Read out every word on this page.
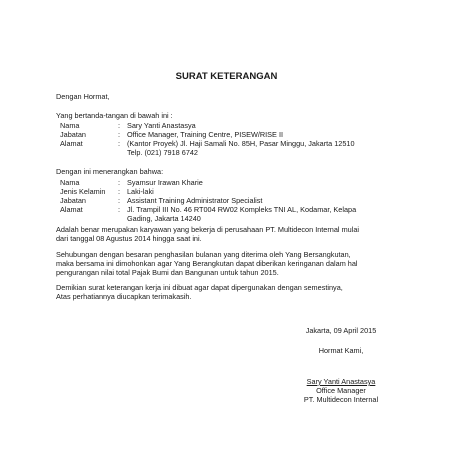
SURAT KETERANGAN
Dengan Hormat,
Yang bertanda-tangan di bawah ini :
Nama	: Sary Yanti Anastasya
Jabatan	: Office Manager, Training Centre, PISEW/RISE II
Alamat	: (Kantor Proyek) Jl. Haji Samali No. 85H, Pasar Minggu, Jakarta 12510
Telp. (021) 7918 6742
Dengan ini menerangkan bahwa:
Nama	: Syamsur Irawan Kharie
Jenis Kelamin	: Laki-laki
Jabatan	: Assistant Training Administrator Specialist
Alamat	: Jl. Trampil III No. 46 RT004 RW02 Kompleks TNI AL, Kodamar, Kelapa
Gading, Jakarta 14240
Adalah benar merupakan karyawan yang bekerja di perusahaan PT. Multidecon Internal mulai
dari tanggal 08 Agustus 2014 hingga saat ini.
Sehubungan dengan besaran penghasilan bulanan yang diterima oleh Yang Bersangkutan,
maka bersama ini dimohonkan agar Yang Berangkutan dapat diberikan keringanan dalam hal
pengurangan nilai total Pajak Bumi dan Bangunan untuk tahun 2015.
Demikian surat keterangan kerja ini dibuat agar dapat dipergunakan dengan semestinya,
Atas perhatiannya diucapkan terimakasih.
Jakarta, 09 April 2015
Hormat Kami,
Sary Yanti Anastasya
Office Manager
PT. Multidecon Internal
